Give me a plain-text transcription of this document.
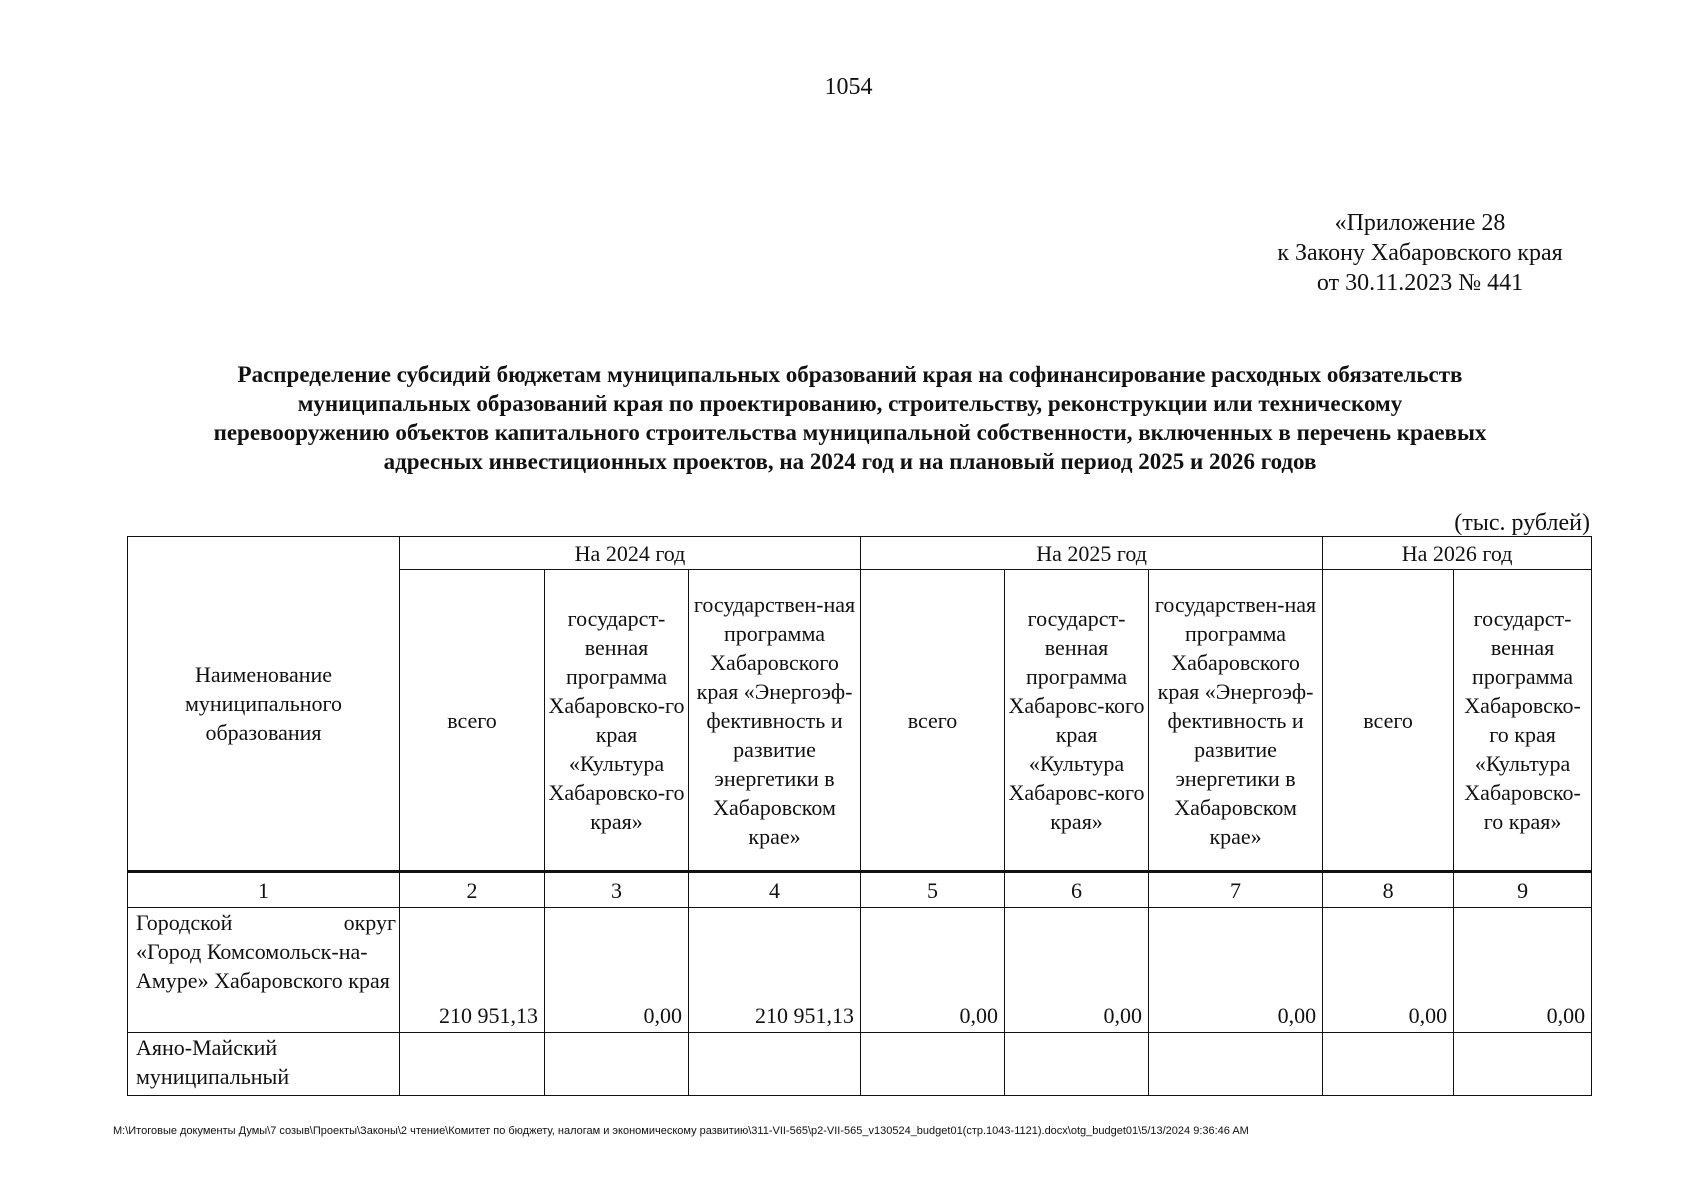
1054
«Приложение 28
к Закону Хабаровского края
от 30.11.2023 № 441
Распределение субсидий бюджетам муниципальных образований края на софинансирование расходных обязательств
муниципальных образований края по проектированию, строительству, реконструкции или техническому
перевооружению объектов капитального строительства муниципальной собственности, включенных в перечень краевых
адресных инвестиционных проектов, на 2024 год и на плановый период 2025 и 2026 годов
(тыс. рублей)
Наименование муниципального образования	На 2024 год			На 2025 год			На 2026 год	
	всего	государст-венная программа Хабаровско-го края «Культура Хабаровско-го края»	государствен-ная программа Хабаровского края «Энергоэф-фективность и развитие энергетики в Хабаровском крае»	всего	государст-венная программа Хабаровс-кого края «Культура Хабаровс-кого края»	государствен-ная программа Хабаровского края «Энергоэф-фективность и развитие энергетики в Хабаровском крае»	всего	государст-венная программа Хабаровско-го края «Культура Хабаровско-го края»
1	2	3	4	5	6	7	8	9

Городской округ
«Город Комсомольск-на-Амуре» Хабаровского края	210 951,13	0,00	210 951,13	0,00	0,00	0,00	0,00	0,00
Аяно-Майский муниципальный								
М:\Итоговые документы Думы\7 созыв\Проекты\Законы\2 чтение\Комитет по бюджету, налогам и экономическому развитию\311-VII-565\р2-VII-565_v130524_budget01(стр.1043-1121).docx\otg_budget01\5/13/2024 9:36:46 AM
